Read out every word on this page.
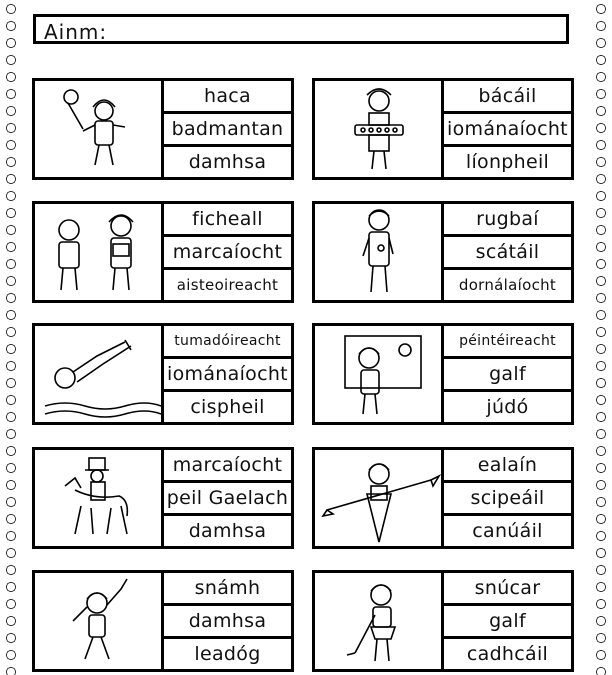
Ainm:
haca
badmantan
damhsa
bácáil
iománaíocht
líonpheil
ficheall
marcaíocht
aisteoireacht
rugbaí
scátáil
dornálaíocht
tumadóireacht
iománaíocht
cispheil
péintéireacht
galf
júdó
marcaíocht
peil Gaelach
damhsa
ealaín
scipeáil
canúáil
snámh
damhsa
leadóg
snúcar
galf
cadhcáil
